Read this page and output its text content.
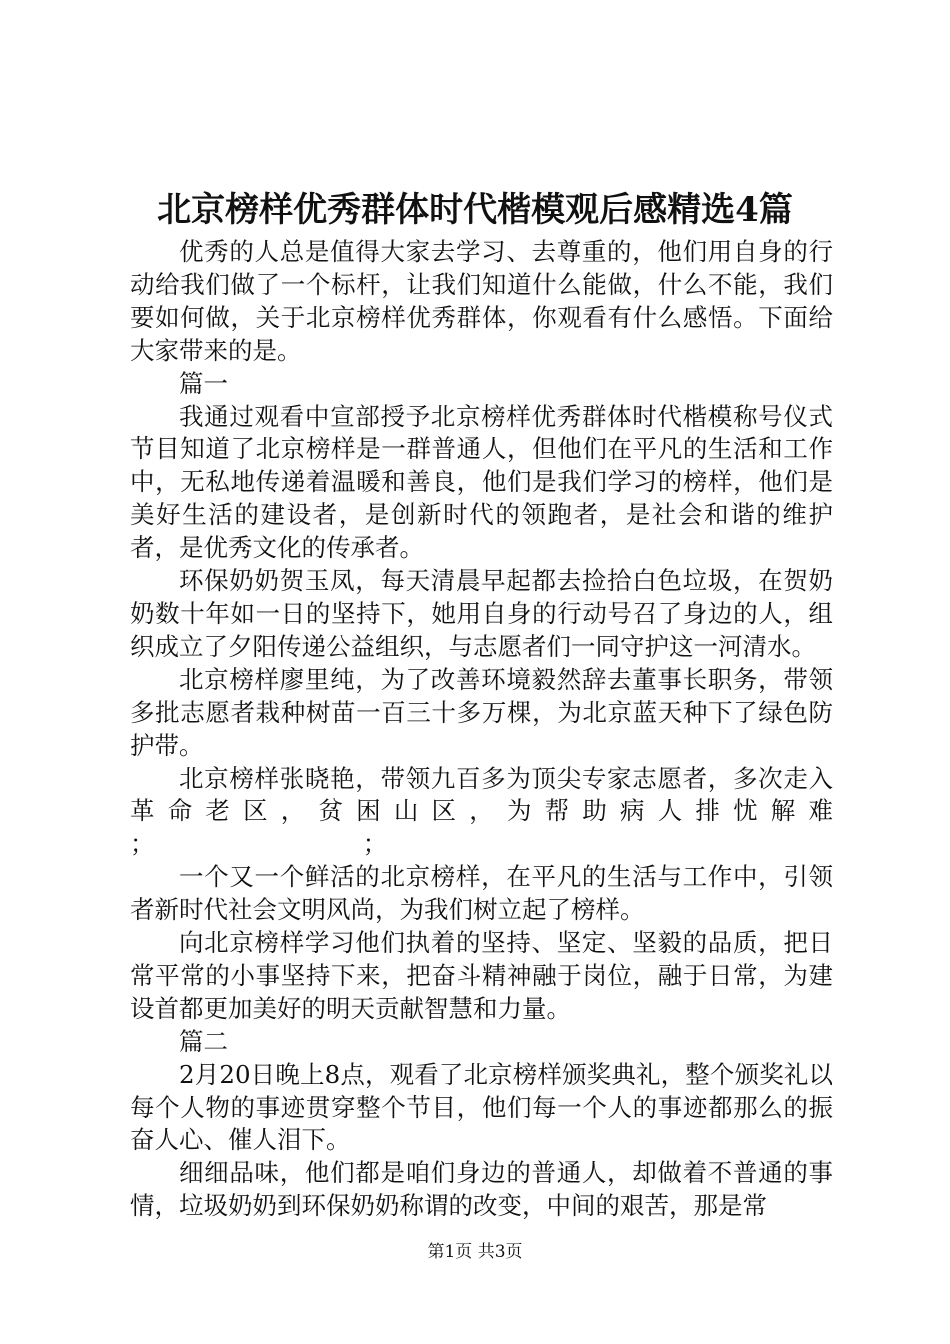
北京榜样优秀群体时代楷模观后感精选4篇

优秀的人总是值得大家去学习、去尊重的，他们用自身的行动给我们做了一个标杆，让我们知道什么能做，什么不能，我们要如何做，关于北京榜样优秀群体，你观看有什么感悟。下面给大家带来的是。

篇一

我通过观看中宣部授予北京榜样优秀群体时代楷模称号仪式节目知道了北京榜样是一群普通人，但他们在平凡的生活和工作中，无私地传递着温暖和善良，他们是我们学习的榜样，他们是美好生活的建设者，是创新时代的领跑者，是社会和谐的维护者，是优秀文化的传承者。

环保奶奶贺玉凤，每天清晨早起都去捡拾白色垃圾，在贺奶奶数十年如一日的坚持下，她用自身的行动号召了身边的人，组织成立了夕阳传递公益组织，与志愿者们一同守护这一河清水。

北京榜样廖里纯，为了改善环境毅然辞去董事长职务，带领多批志愿者栽种树苗一百三十多万棵，为北京蓝天种下了绿色防护带。

北京榜样张晓艳，带领九百多为顶尖专家志愿者，多次走入革命老区，贫困山区，为帮助病人排忧解难

；　　　　　　　　　；

一个又一个鲜活的北京榜样，在平凡的生活与工作中，引领者新时代社会文明风尚，为我们树立起了榜样。

向北京榜样学习他们执着的坚持、坚定、坚毅的品质，把日常平常的小事坚持下来，把奋斗精神融于岗位，融于日常，为建设首都更加美好的明天贡献智慧和力量。

篇二

2月20日晚上8点，观看了北京榜样颁奖典礼，整个颁奖礼以每个人物的事迹贯穿整个节目，他们每一个人的事迹都那么的振奋人心、催人泪下。

细细品味，他们都是咱们身边的普通人，却做着不普通的事情，垃圾奶奶到环保奶奶称谓的改变，中间的艰苦，那是常

第1页 共3页
